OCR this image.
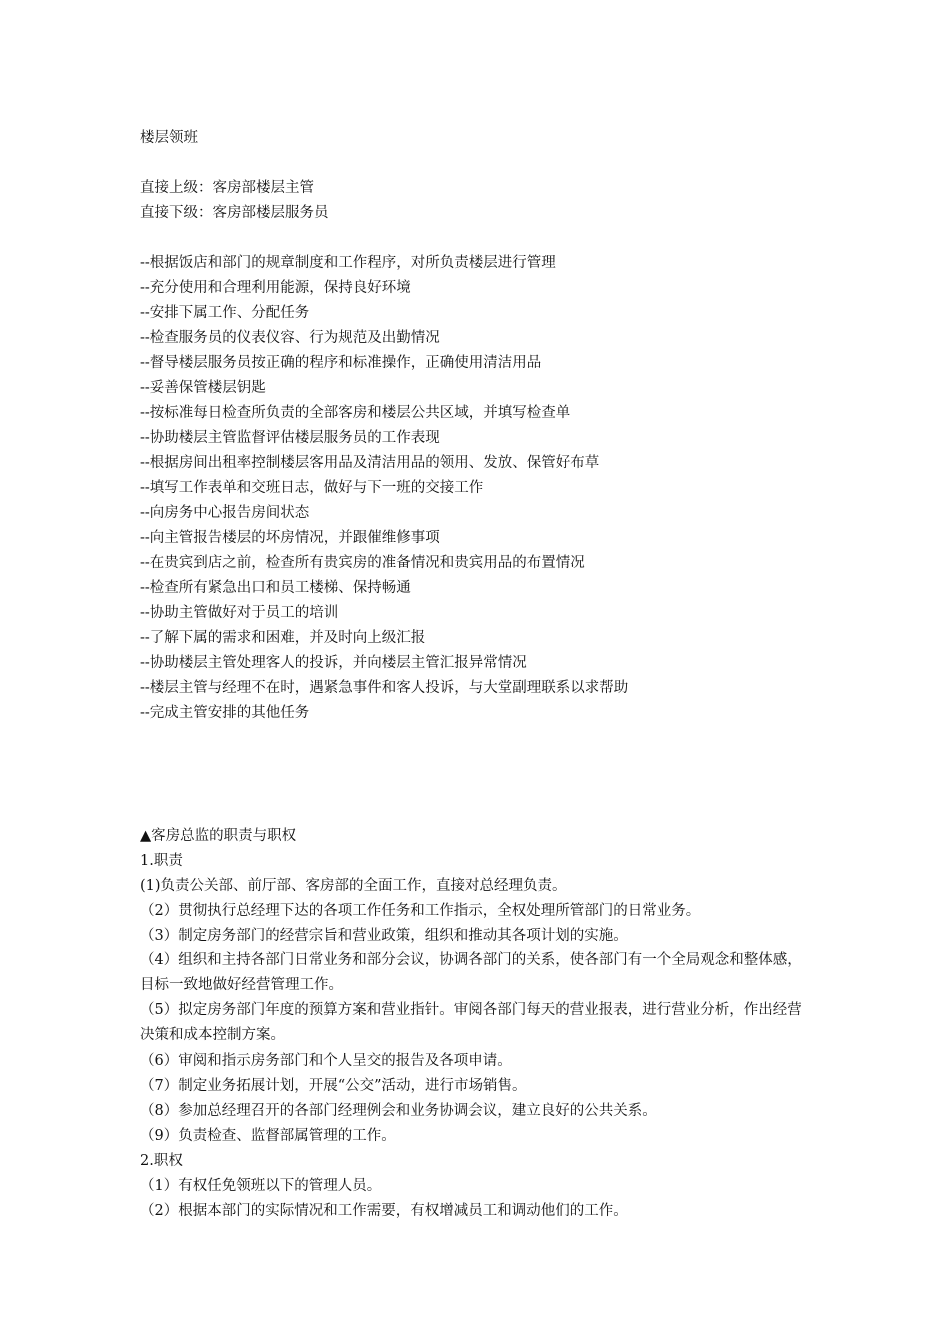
楼层领班
直接上级：客房部楼层主管
直接下级：客房部楼层服务员
--根据饭店和部门的规章制度和工作程序，对所负责楼层进行管理
--充分使用和合理利用能源，保持良好环境
--安排下属工作、分配任务
--检查服务员的仪表仪容、行为规范及出勤情况
--督导楼层服务员按正确的程序和标准操作，正确使用清洁用品
--妥善保管楼层钥匙
--按标准每日检查所负责的全部客房和楼层公共区域，并填写检查单
--协助楼层主管监督评估楼层服务员的工作表现
--根据房间出租率控制楼层客用品及清洁用品的领用、发放、保管好布草
--填写工作表单和交班日志，做好与下一班的交接工作
--向房务中心报告房间状态
--向主管报告楼层的坏房情况，并跟催维修事项
--在贵宾到店之前，检查所有贵宾房的准备情况和贵宾用品的布置情况
--检查所有紧急出口和员工楼梯、保持畅通
--协助主管做好对于员工的培训
--了解下属的需求和困难，并及时向上级汇报
--协助楼层主管处理客人的投诉，并向楼层主管汇报异常情况
--楼层主管与经理不在时，遇紧急事件和客人投诉，与大堂副理联系以求帮助
--完成主管安排的其他任务
▲客房总监的职责与职权
1.职责
(1)负责公关部、前厅部、客房部的全面工作，直接对总经理负责。
（2）贯彻执行总经理下达的各项工作任务和工作指示，全权处理所管部门的日常业务。
（3）制定房务部门的经营宗旨和营业政策，组织和推动其各项计划的实施。
（4）组织和主持各部门日常业务和部分会议，协调各部门的关系，使各部门有一个全局观念和整体感，目标一致地做好经营管理工作。
（5）拟定房务部门年度的预算方案和营业指针。审阅各部门每天的营业报表，进行营业分析，作出经营决策和成本控制方案。
（6）审阅和指示房务部门和个人呈交的报告及各项申请。
（7）制定业务拓展计划，开展“公交”活动，进行市场销售。
（8）参加总经理召开的各部门经理例会和业务协调会议，建立良好的公共关系。
（9）负责检查、监督部属管理的工作。
2.职权
（1）有权任免领班以下的管理人员。
（2）根据本部门的实际情况和工作需要，有权增减员工和调动他们的工作。
